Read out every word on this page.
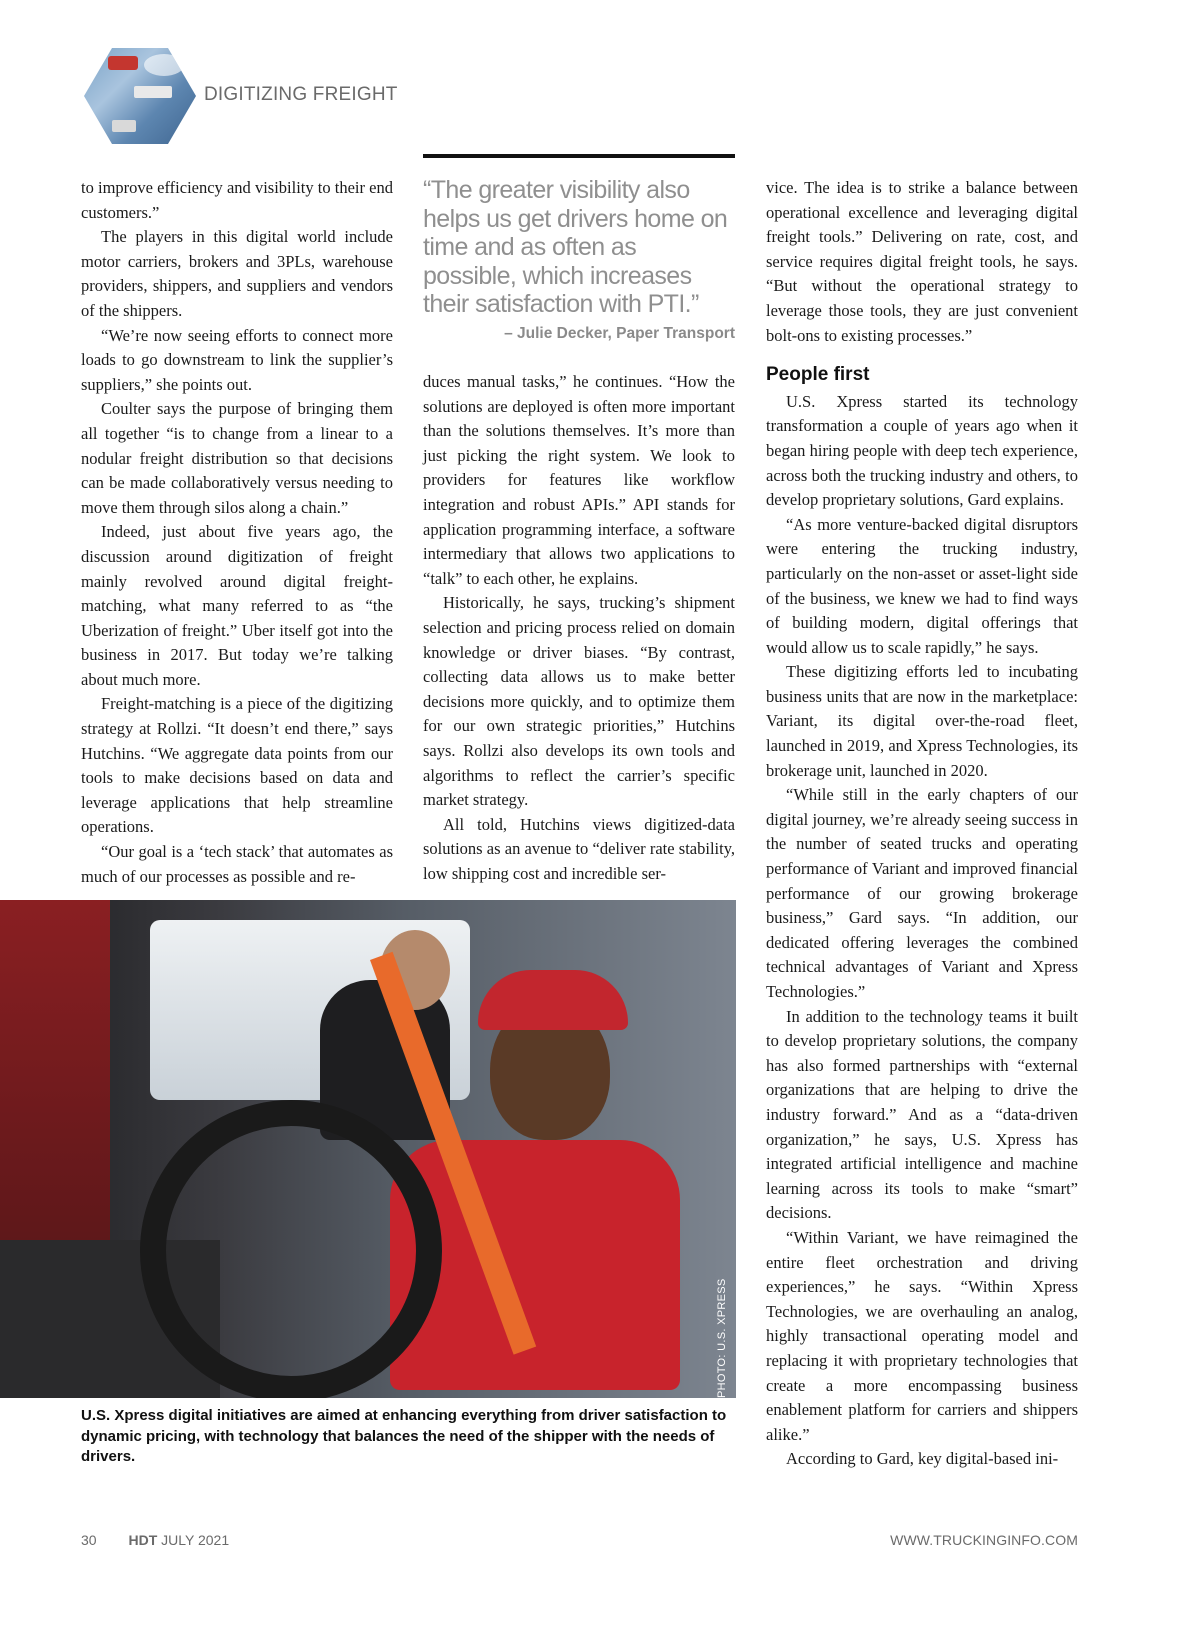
DIGITIZING FREIGHT

to improve efficiency and visibility to their end customers.”

The players in this digital world include motor carriers, brokers and 3PLs, warehouse providers, shippers, and suppliers and vendors of the shippers.

“We’re now seeing efforts to connect more loads to go downstream to link the supplier’s suppliers,” she points out.

Coulter says the purpose of bringing them all together “is to change from a linear to a nodular freight distribution so that decisions can be made collaboratively versus needing to move them through silos along a chain.”

Indeed, just about five years ago, the discussion around digitization of freight mainly revolved around digital freight-matching, what many referred to as “the Uberization of freight.” Uber itself got into the business in 2017. But today we’re talking about much more.

Freight-matching is a piece of the digitizing strategy at Rollzi. “It doesn’t end there,” says Hutchins. “We aggregate data points from our tools to make decisions based on data and leverage applications that help streamline operations.

“Our goal is a ‘tech stack’ that automates as much of our processes as possible and re-

“The greater visibility also helps us get drivers home on time and as often as possible, which increases their satisfaction with PTI.”
– Julie Decker, Paper Transport

duces manual tasks,” he continues. “How the solutions are deployed is often more important than the solutions themselves. It’s more than just picking the right system. We look to providers for features like workflow integration and robust APIs.” API stands for application programming interface, a software intermediary that allows two applications to “talk” to each other, he explains.

Historically, he says, trucking’s shipment selection and pricing process relied on domain knowledge or driver biases. “By contrast, collecting data allows us to make better decisions more quickly, and to optimize them for our own strategic priorities,” Hutchins says. Rollzi also develops its own tools and algorithms to reflect the carrier’s specific market strategy.

All told, Hutchins views digitized-data solutions as an avenue to “deliver rate stability, low shipping cost and incredible ser-

vice. The idea is to strike a balance between operational excellence and leveraging digital freight tools.” Delivering on rate, cost, and service requires digital freight tools, he says. “But without the operational strategy to leverage those tools, they are just convenient bolt-ons to existing processes.”

People first

U.S. Xpress started its technology transformation a couple of years ago when it began hiring people with deep tech experience, across both the trucking industry and others, to develop proprietary solutions, Gard explains.

“As more venture-backed digital disruptors were entering the trucking industry, particularly on the non-asset or asset-light side of the business, we knew we had to find ways of building modern, digital offerings that would allow us to scale rapidly,” he says.

These digitizing efforts led to incubating business units that are now in the marketplace: Variant, its digital over-the-road fleet, launched in 2019, and Xpress Technologies, its brokerage unit, launched in 2020.

“While still in the early chapters of our digital journey, we’re already seeing success in the number of seated trucks and operating performance of Variant and improved financial performance of our growing brokerage business,” Gard says. “In addition, our dedicated offering leverages the combined technical advantages of Variant and Xpress Technologies.”

In addition to the technology teams it built to develop proprietary solutions, the company has also formed partnerships with “external organizations that are helping to drive the industry forward.” And as a “data-driven organization,” he says, U.S. Xpress has integrated artificial intelligence and machine learning across its tools to make “smart” decisions.

“Within Variant, we have reimagined the entire fleet orchestration and driving experiences,” he says. “Within Xpress Technologies, we are overhauling an analog, highly transactional operating model and replacing it with proprietary technologies that create a more encompassing business enablement platform for carriers and shippers alike.”

According to Gard, key digital-based ini-

PHOTO: U.S. XPRESS
U.S. Xpress digital initiatives are aimed at enhancing everything from driver satisfaction to dynamic pricing, with technology that balances the need of the shipper with the needs of drivers.
30 HDT JULY 2021	WWW.TRUCKINGINFO.COM
